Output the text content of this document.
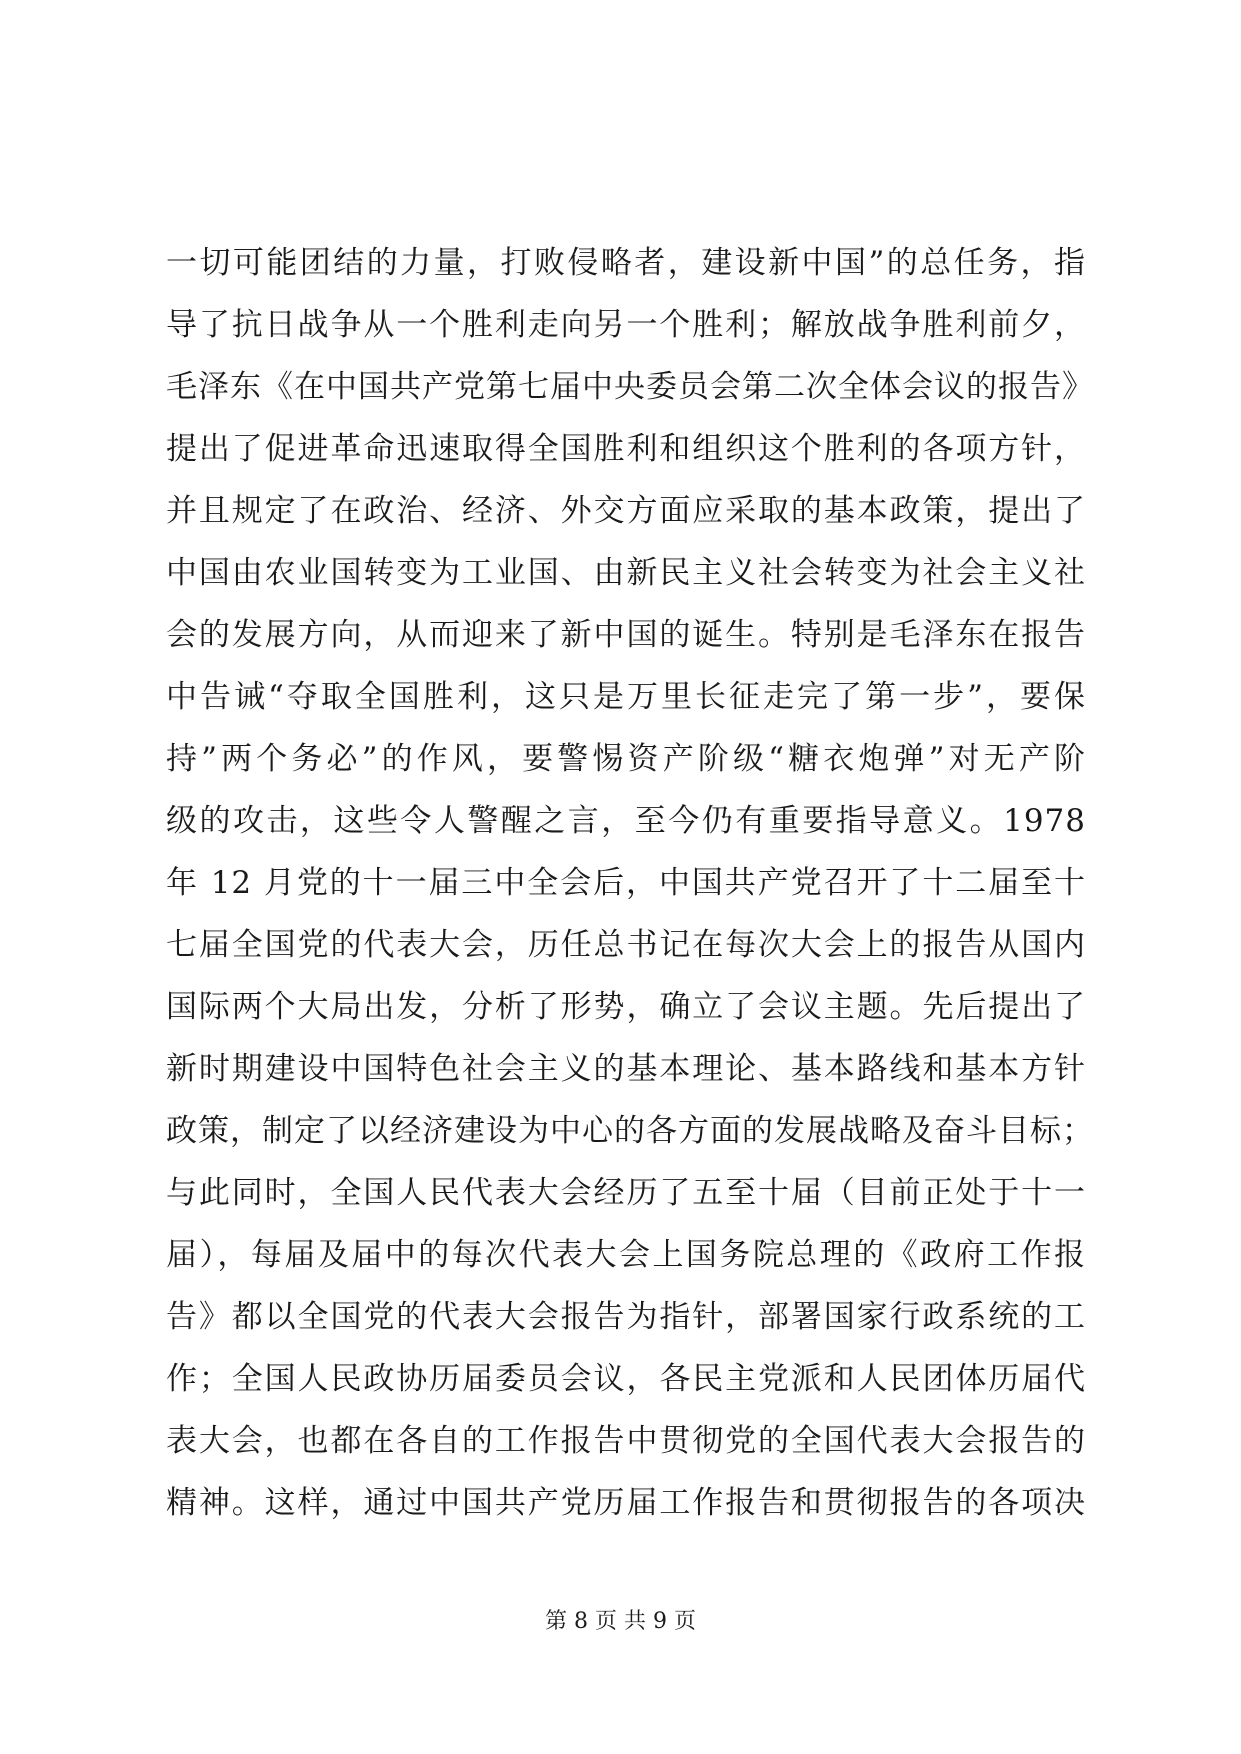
一切可能团结的力量，打败侵略者，建设新中国”的总任务，指
导了抗日战争从一个胜利走向另一个胜利；解放战争胜利前夕，
毛泽东《在中国共产党第七届中央委员会第二次全体会议的报告》
提出了促进革命迅速取得全国胜利和组织这个胜利的各项方针，
并且规定了在政治、经济、外交方面应采取的基本政策，提出了
中国由农业国转变为工业国、由新民主义社会转变为社会主义社
会的发展方向，从而迎来了新中国的诞生。特别是毛泽东在报告
中告诫“夺取全国胜利，这只是万里长征走完了第一步”，要保
持”两个务必”的作风，要警惕资产阶级“糖衣炮弹”对无产阶
级的攻击，这些令人警醒之言，至今仍有重要指导意义。1978
年 12 月党的十一届三中全会后，中国共产党召开了十二届至十
七届全国党的代表大会，历任总书记在每次大会上的报告从国内
国际两个大局出发，分析了形势，确立了会议主题。先后提出了
新时期建设中国特色社会主义的基本理论、基本路线和基本方针
政策，制定了以经济建设为中心的各方面的发展战略及奋斗目标；
与此同时，全国人民代表大会经历了五至十届（目前正处于十一
届），每届及届中的每次代表大会上国务院总理的《政府工作报
告》都以全国党的代表大会报告为指针，部署国家行政系统的工
作；全国人民政协历届委员会议，各民主党派和人民团体历届代
表大会，也都在各自的工作报告中贯彻党的全国代表大会报告的
精神。这样，通过中国共产党历届工作报告和贯彻报告的各项决
第 8 页 共 9 页
